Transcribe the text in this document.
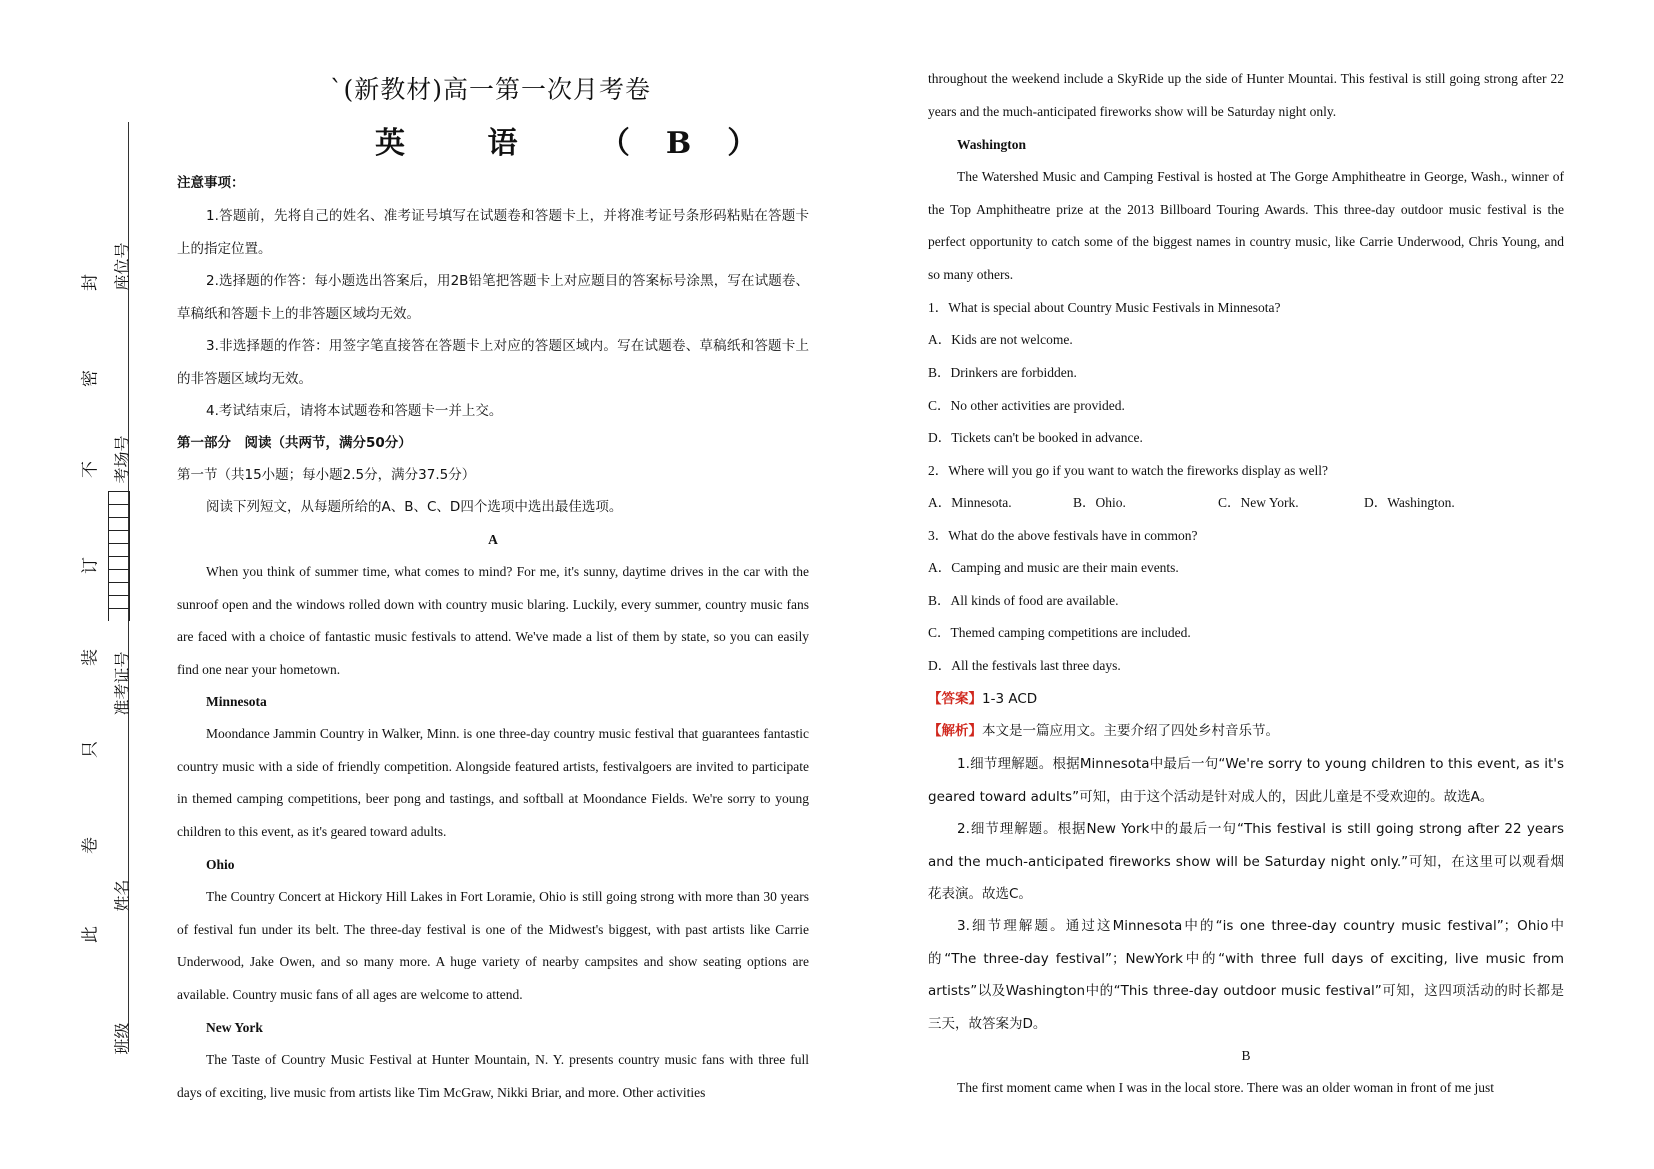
封
密
不
订
装
只
卷
此
座位号
考场号
准考证号
姓名
班级
`(新教材)高一第一次月考卷
英 语 （B）
注意事项：
1.答题前，先将自己的姓名、准考证号填写在试题卷和答题卡上，并将准考证号条形码粘贴在答题卡上的指定位置。
2.选择题的作答：每小题选出答案后，用2B铅笔把答题卡上对应题目的答案标号涂黑，写在试题卷、草稿纸和答题卡上的非答题区域均无效。
3.非选择题的作答：用签字笔直接答在答题卡上对应的答题区域内。写在试题卷、草稿纸和答题卡上的非答题区域均无效。
4.考试结束后，请将本试题卷和答题卡一并上交。
第一部分　阅读（共两节，满分50分）
第一节（共15小题；每小题2.5分，满分37.5分）
阅读下列短文，从每题所给的A、B、C、D四个选项中选出最佳选项。
A
When you think of summer time, what comes to mind? For me, it's sunny, daytime drives in the car with the sunroof open and the windows rolled down with country music blaring. Luckily, every summer, country music fans are faced with a choice of fantastic music festivals to attend. We've made a list of them by state, so you can easily find one near your hometown.
Minnesota
Moondance Jammin Country in Walker, Minn. is one three-day country music festival that guarantees fantastic country music with a side of friendly competition. Alongside featured artists, festivalgoers are invited to participate in themed camping competitions, beer pong and tastings, and softball at Moondance Fields. We're sorry to young children to this event, as it's geared toward adults.
Ohio
The Country Concert at Hickory Hill Lakes in Fort Loramie, Ohio is still going strong with more than 30 years of festival fun under its belt. The three-day festival is one of the Midwest's biggest, with past artists like Carrie Underwood, Jake Owen, and so many more. A huge variety of nearby campsites and show seating options are available. Country music fans of all ages are welcome to attend.
New York
The Taste of Country Music Festival at Hunter Mountain, N. Y. presents country music fans with three full days of exciting, live music from artists like Tim McGraw, Nikki Briar, and more. Other activities
throughout the weekend include a SkyRide up the side of Hunter Mountai. This festival is still going strong after 22 years and the much-anticipated fireworks show will be Saturday night only.
Washington
The Watershed Music and Camping Festival is hosted at The Gorge Amphitheatre in George, Wash., winner of the Top Amphitheatre prize at the 2013 Billboard Touring Awards. This three-day outdoor music festival is the perfect opportunity to catch some of the biggest names in country music, like Carrie Underwood, Chris Young, and so many others.
1．What is special about Country Music Festivals in Minnesota?
A．Kids are not welcome.
B．Drinkers are forbidden.
C．No other activities are provided.
D．Tickets can't be booked in advance.
2．Where will you go if you want to watch the fireworks display as well?
A．Minnesota.	B．Ohio.	C．New York.	D．Washington.
3．What do the above festivals have in common?
A．Camping and music are their main events.
B．All kinds of food are available.
C．Themed camping competitions are included.
D．All the festivals last three days.
【答案】1-3 ACD
【解析】本文是一篇应用文。主要介绍了四处乡村音乐节。
1.细节理解题。根据Minnesota中最后一句“We're sorry to young children to this event, as it's geared toward adults”可知，由于这个活动是针对成人的，因此儿童是不受欢迎的。故选A。
2.细节理解题。根据New York中的最后一句“This festival is still going strong after 22 years and the much-anticipated fireworks show will be Saturday night only.”可知，在这里可以观看烟花表演。故选C。
3.细节理解题。通过这Minnesota中的“is one three-day country music festival”；Ohio中的“The three-day festival”；NewYork中的“with three full days of exciting, live music from artists”以及Washington中的“This three-day outdoor music festival”可知，这四项活动的时长都是三天，故答案为D。
B
The first moment came when I was in the local store. There was an older woman in front of me just
